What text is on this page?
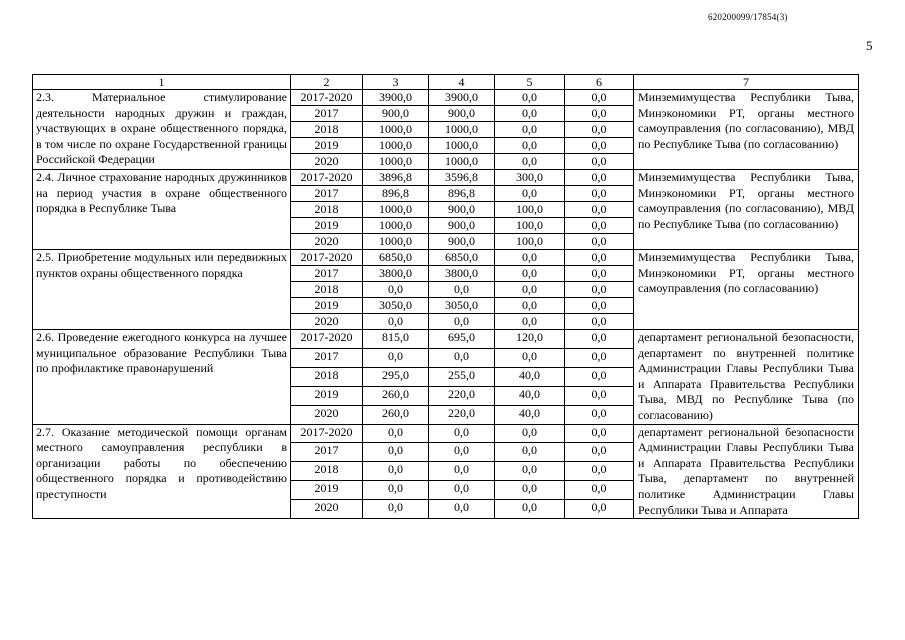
620200099/17854(3)
5
1	2	3	4	5	6	7
2.3. Материальное стимулирование деятельности народных дружин и граждан, участвующих в охране общественного порядка, в том числе по охране Государственной границы Российской Федерации	2017-2020	3900,0	3900,0	0,0	0,0	Минземимущества Республики Тыва, Минэкономики РТ, органы местного самоуправления (по согласованию), МВД по Республике Тыва (по согласованию)
	2017	900,0	900,0	0,0	0,0	
	2018	1000,0	1000,0	0,0	0,0	
	2019	1000,0	1000,0	0,0	0,0	
	2020	1000,0	1000,0	0,0	0,0	
2.4. Личное страхование народных дружинников на период участия в охране общественного порядка в Республике Тыва	2017-2020	3896,8	3596,8	300,0	0,0	Минземимущества Республики Тыва, Минэкономики РТ, органы местного самоуправления (по согласованию), МВД по Республике Тыва (по согласованию)
	2017	896,8	896,8	0,0	0,0	
	2018	1000,0	900,0	100,0	0,0	
	2019	1000,0	900,0	100,0	0,0	
	2020	1000,0	900,0	100,0	0,0	
2.5. Приобретение модульных или передвижных пунктов охраны общественного порядка	2017-2020	6850,0	6850,0	0,0	0,0	Минземимущества Республики Тыва, Минэкономики РТ, органы местного самоуправления (по согласованию)
	2017	3800,0	3800,0	0,0	0,0	
	2018	0,0	0,0	0,0	0,0	
	2019	3050,0	3050,0	0,0	0,0	
	2020	0,0	0,0	0,0	0,0	
2.6. Проведение ежегодного конкурса на лучшее муниципальное образование Республики Тыва по профилактике правонарушений	2017-2020	815,0	695,0	120,0	0,0	департамент региональной безопасности, департамент по внутренней политике Администрации Главы Республики Тыва и Аппарата Правительства Республики Тыва, МВД по Республике Тыва (по согласованию)
	2017	0,0	0,0	0,0	0,0	
	2018	295,0	255,0	40,0	0,0	
	2019	260,0	220,0	40,0	0,0	
	2020	260,0	220,0	40,0	0,0	
2.7. Оказание методической помощи органам местного самоуправления республики в организации работы по обеспечению общественного порядка и противодействию преступности	2017-2020	0,0	0,0	0,0	0,0	департамент региональной безопасности Администрации Главы Республики Тыва и Аппарата Правительства Республики Тыва, департамент по внутренней политике Администрации Главы Республики Тыва и Аппарата
	2017	0,0	0,0	0,0	0,0	
	2018	0,0	0,0	0,0	0,0	
	2019	0,0	0,0	0,0	0,0	
	2020	0,0	0,0	0,0	0,0	
